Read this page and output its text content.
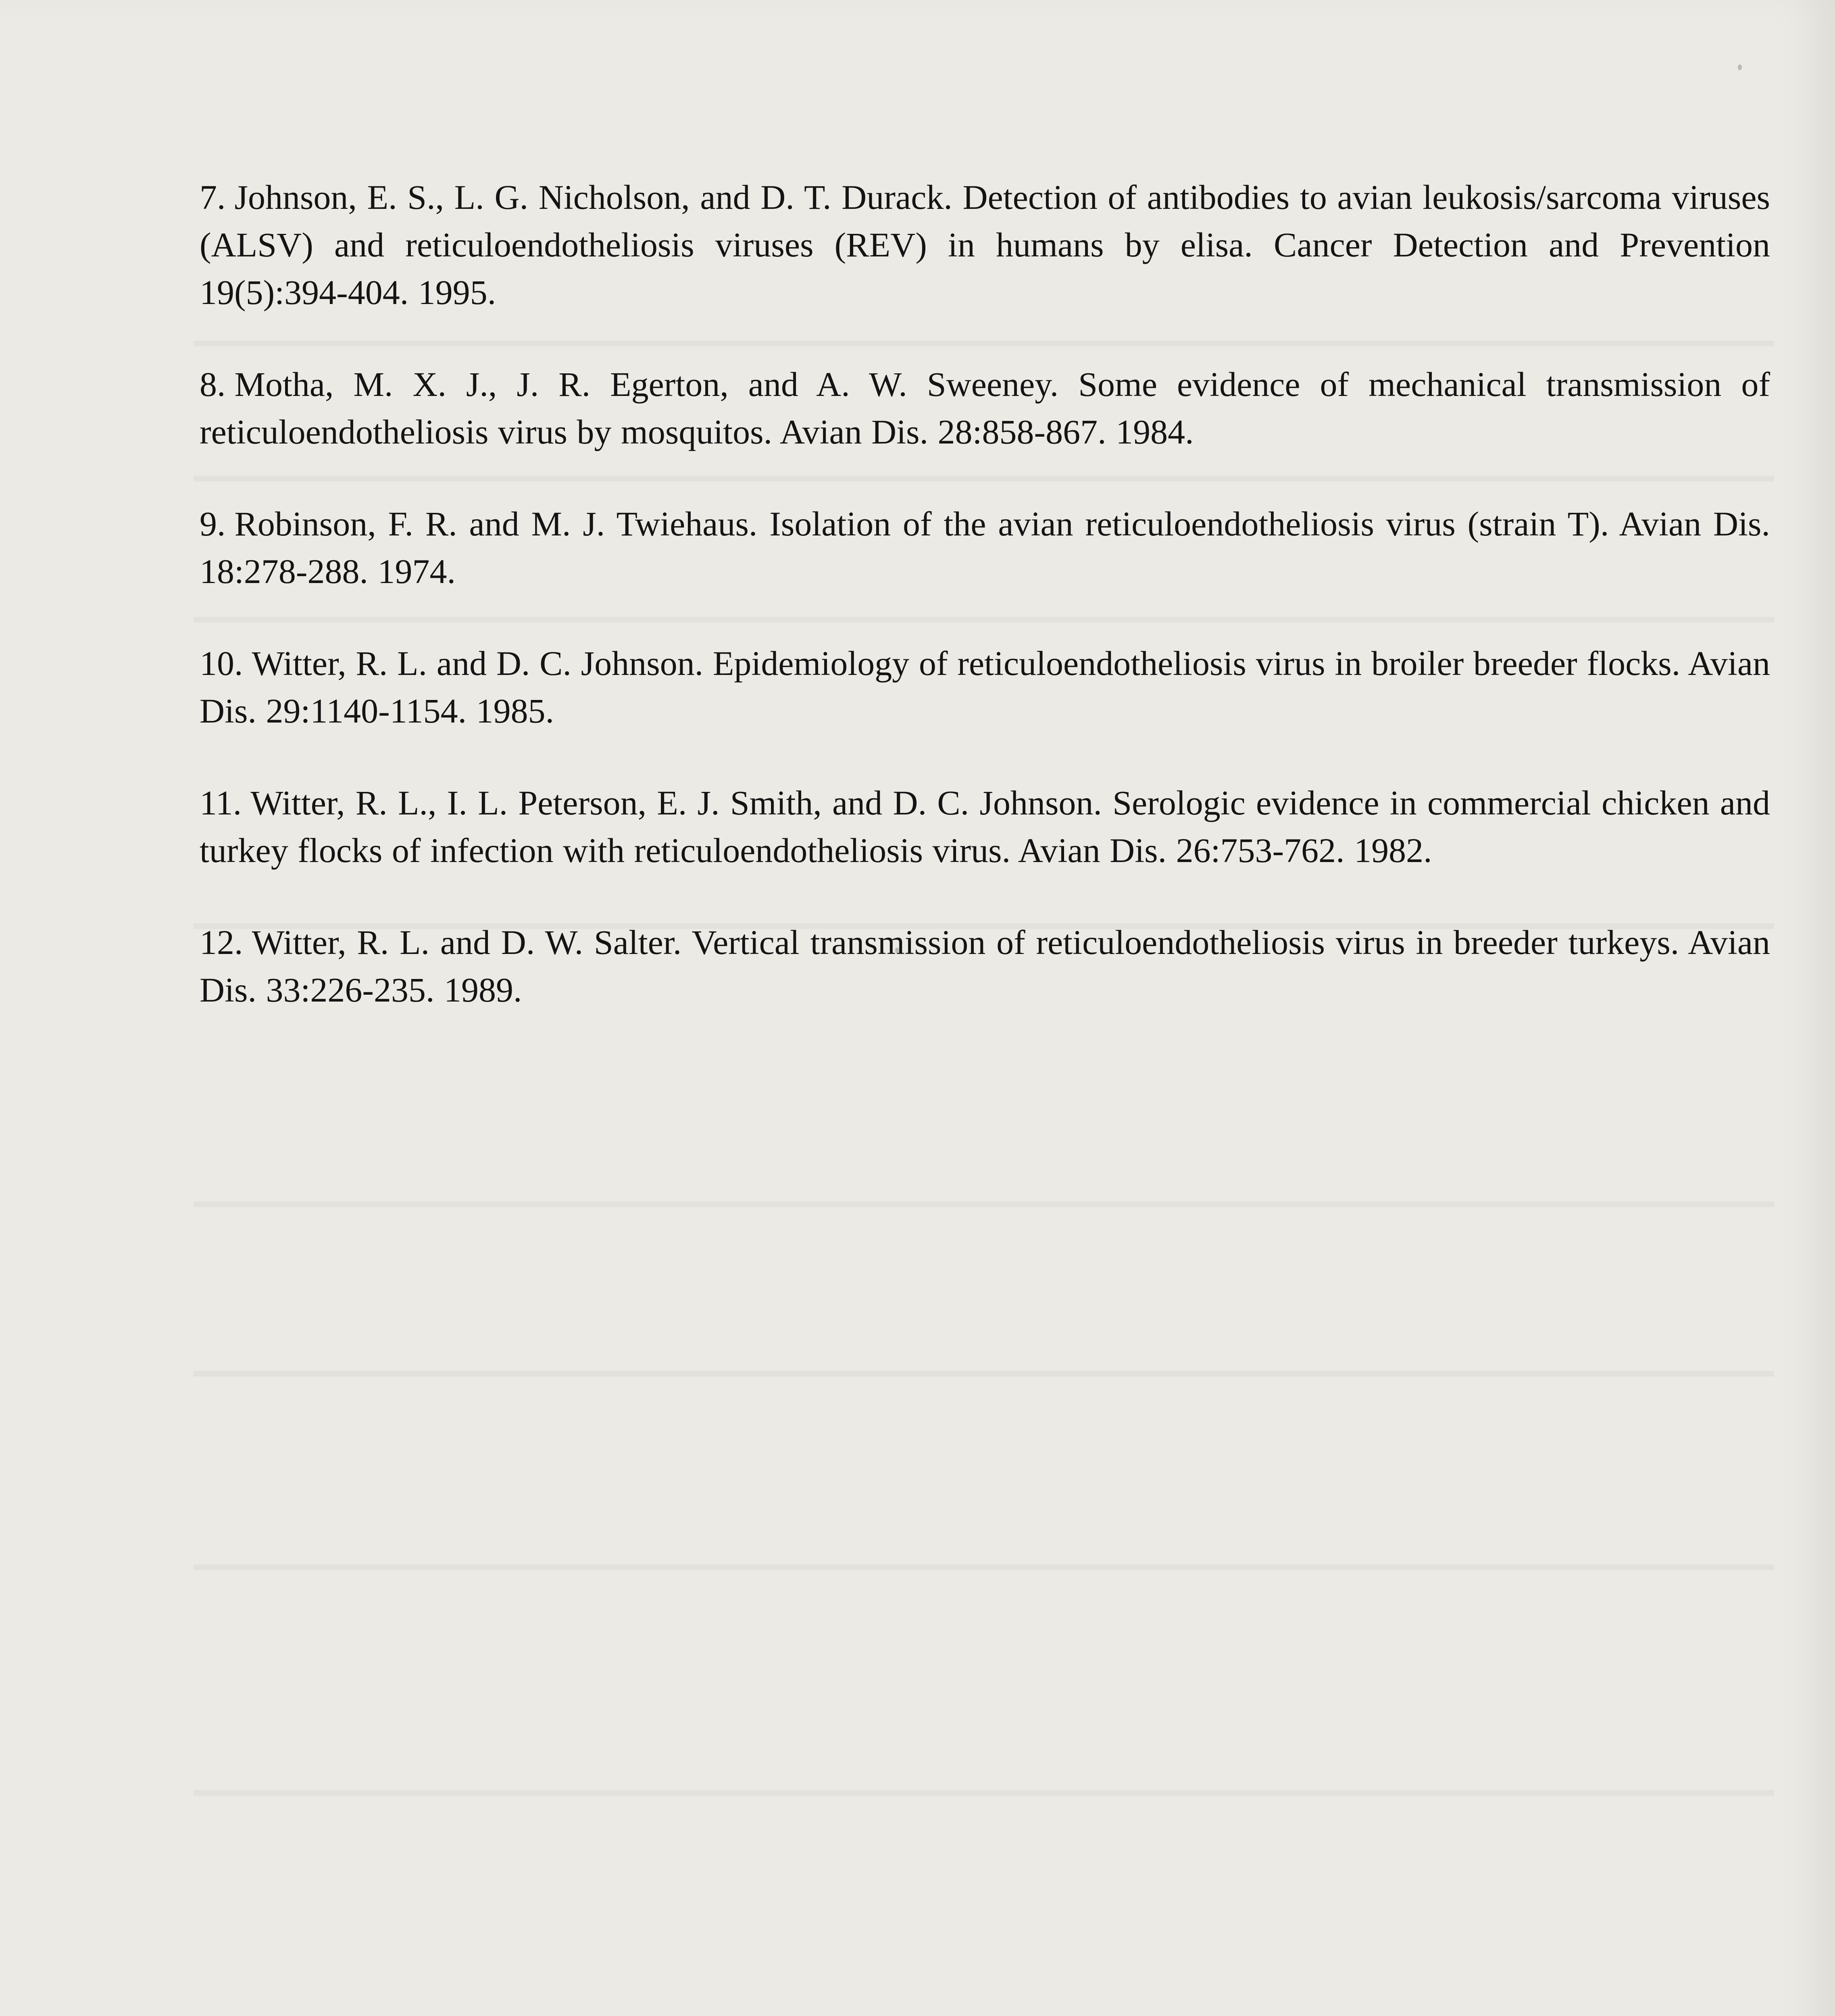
7. Johnson, E. S., L. G. Nicholson, and D. T. Durack. Detection of antibodies to avian leukosis/sarcoma viruses (ALSV) and reticuloendotheliosis viruses (REV) in humans by elisa. Cancer Detection and Prevention 19(5):394-404. 1995.
8. Motha, M. X. J., J. R. Egerton, and A. W. Sweeney. Some evidence of mechanical transmission of reticuloendotheliosis virus by mosquitos. Avian Dis. 28:858-867. 1984.
9. Robinson, F. R. and M. J. Twiehaus. Isolation of the avian reticuloendotheliosis virus (strain T). Avian Dis. 18:278-288. 1974.
10. Witter, R. L. and D. C. Johnson. Epidemiology of reticuloendotheliosis virus in broiler breeder flocks. Avian Dis. 29:1140-1154. 1985.
11. Witter, R. L., I. L. Peterson, E. J. Smith, and D. C. Johnson. Serologic evidence in commercial chicken and turkey flocks of infection with reticuloendotheliosis virus. Avian Dis. 26:753-762. 1982.
12. Witter, R. L. and D. W. Salter. Vertical transmission of reticuloendotheliosis virus in breeder turkeys. Avian Dis. 33:226-235. 1989.
